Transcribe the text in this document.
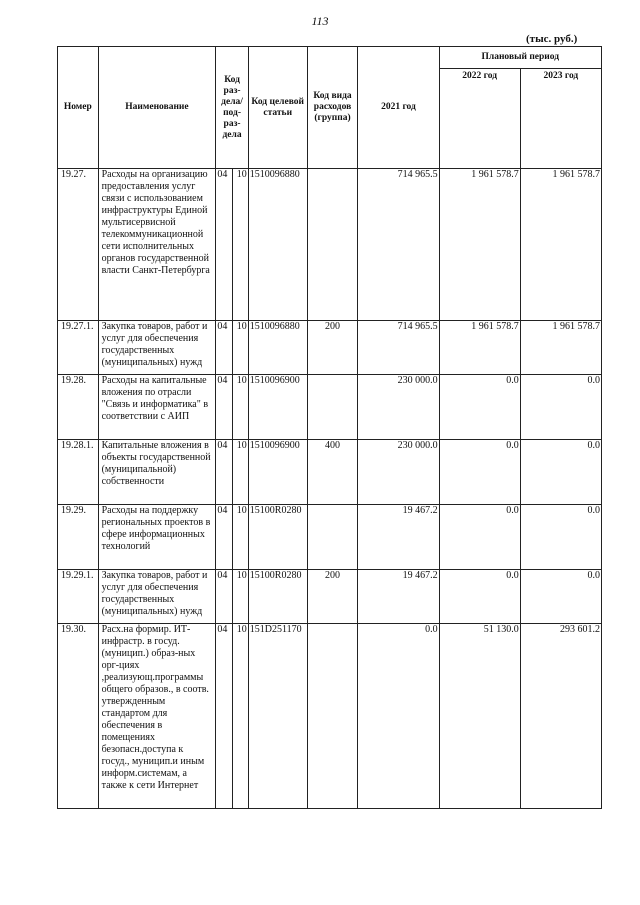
113
(тыс. руб.)
Номер	Наименование	Код раз-дела/ под-раз-дела		Код целевой статьи	Код вида расходов (группа)	2021 год	Плановый период	
							2022 год	2023 год
19.27.	Расходы на организацию предоставления услуг связи с использованием инфраструктуры Единой мультисервисной телекоммуникационной сети исполнительных органов государственной власти Санкт-Петербурга	04	10	1510096880		714 965.5	1 961 578.7	1 961 578.7
19.27.1.	Закупка товаров, работ и услуг для обеспечения государственных (муниципальных) нужд	04	10	1510096880	200	714 965.5	1 961 578.7	1 961 578.7
19.28.	Расходы на капитальные вложения по отрасли "Связь и информатика" в соответствии с АИП	04	10	1510096900		230 000.0	0.0	0.0
19.28.1.	Капитальные вложения в объекты государственной (муниципальной) собственности	04	10	1510096900	400	230 000.0	0.0	0.0
19.29.	Расходы на поддержку региональных проектов в сфере информационных технологий	04	10	15100R0280		19 467.2	0.0	0.0
19.29.1.	Закупка товаров, работ и услуг для обеспечения государственных (муниципальных) нужд	04	10	15100R0280	200	19 467.2	0.0	0.0
19.30.	Расх.на формир. ИТ-инфрастр. в госуд. (муницип.) образ-ных орг-циях ,реализующ.программы общего образов., в соотв. утвержденным стандартом для обеспечения в помещениях безопасн.доступа к госуд., муницип.и иным информ.системам, а также к сети Интернет	04	10	151D251170		0.0	51 130.0	293 601.2
